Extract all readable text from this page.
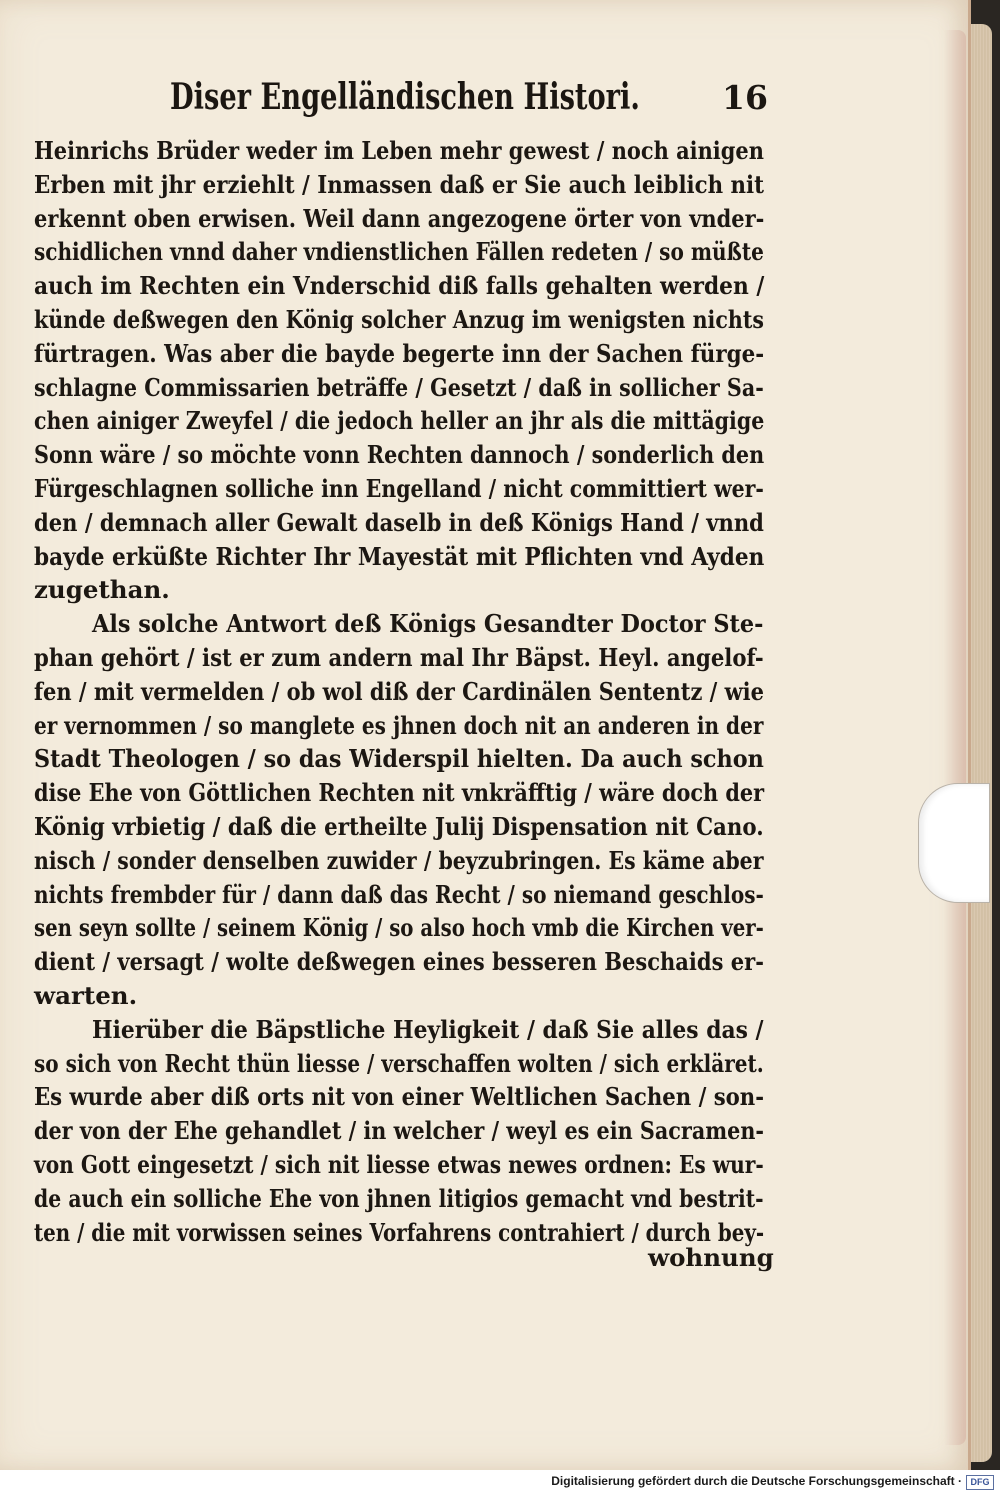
Diser Engelländischen Histori. 16
Heinrichs Brüder weder im Leben mehr gewest / noch ainigen
Erben mit jhr erziehlt / Inmassen daß er Sie auch leiblich nit
erkennt oben erwisen. Weil dann angezogene örter von vnder-
schidlichen vnnd daher vndienstlichen Fällen redeten / so müßte
auch im Rechten ein Vnderschid diß falls gehalten werden /
künde deßwegen den König solcher Anzug im wenigsten nichts
fürtragen. Was aber die bayde begerte inn der Sachen fürge-
schlagne Commissarien beträffe / Gesetzt / daß in sollicher Sa-
chen ainiger Zweyfel / die jedoch heller an jhr als die mittägige
Sonn wäre / so möchte vonn Rechten dannoch / sonderlich den
Fürgeschlagnen solliche inn Engelland / nicht committiert wer-
den / demnach aller Gewalt daselb in deß Königs Hand / vnnd
bayde erküßte Richter Ihr Mayestät mit Pflichten vnd Ayden
zugethan.
Als solche Antwort deß Königs Gesandter Doctor Ste-
phan gehört / ist er zum andern mal Ihr Bäpst. Heyl. angelof-
fen / mit vermelden / ob wol diß der Cardinälen Sententz / wie
er vernommen / so manglete es jhnen doch nit an anderen in der
Stadt Theologen / so das Widerspil hielten. Da auch schon
dise Ehe von Göttlichen Rechten nit vnkräfftig / wäre doch der
König vrbietig / daß die ertheilte Julij Dispensation nit Cano.
nisch / sonder denselben zuwider / beyzubringen. Es käme aber
nichts frembder für / dann daß das Recht / so niemand geschlos-
sen seyn sollte / seinem König / so also hoch vmb die Kirchen ver-
dient / versagt / wolte deßwegen eines besseren Beschaids er-
warten.
Hierüber die Bäpstliche Heyligkeit / daß Sie alles das /
so sich von Recht thün liesse / verschaffen wolten / sich erkläret.
Es wurde aber diß orts nit von einer Weltlichen Sachen / son-
der von der Ehe gehandlet / in welcher / weyl es ein Sacramen-
von Gott eingesetzt / sich nit liesse etwas newes ordnen: Es wur-
de auch ein solliche Ehe von jhnen litigios gemacht vnd bestrit-
ten / die mit vorwissen seines Vorfahrens contrahiert / durch bey-
wohnung
Digitalisierung gefördert durch die Deutsche Forschungsgemeinschaft · DFG
